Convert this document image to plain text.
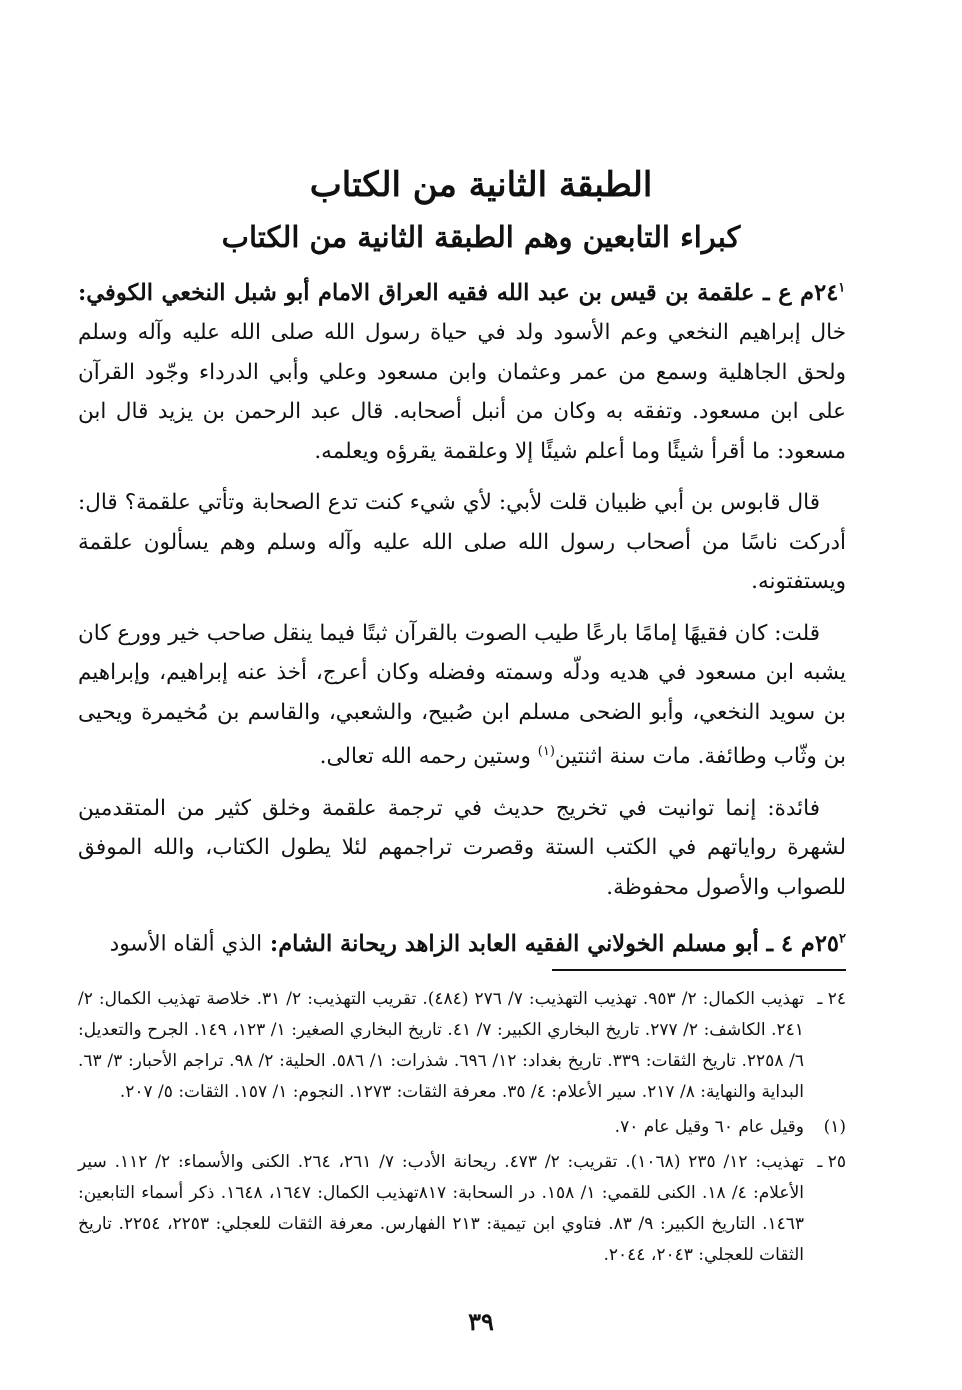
الطبقة الثانية من الكتاب
كبراء التابعين وهم الطبقة الثانية من الكتاب

$٢٤^١م$ ع ـ علقمة بن قيس بن عبد الله فقيه العراق الامام أبو شبل النخعي الكوفي: خال إبراهيم النخعي وعم الأسود ولد في حياة رسول الله صلى الله عليه وآله وسلم ولحق الجاهلية وسمع من عمر وعثمان وابن مسعود وعلي وأبي الدرداء وجّود القرآن على ابن مسعود. وتفقه به وكان من أنبل أصحابه. قال عبد الرحمن بن يزيد قال ابن مسعود: ما أقرأ شيئًا وما أعلم شيئًا إلا وعلقمة يقرؤه ويعلمه.

قال قابوس بن أبي ظبيان قلت لأبي: لأي شيء كنت تدع الصحابة وتأتي علقمة؟ قال: أدركت ناسًا من أصحاب رسول الله صلى الله عليه وآله وسلم وهم يسألون علقمة ويستفتونه.

قلت: كان فقيهًا إمامًا بارعًا طيب الصوت بالقرآن ثبتًا فيما ينقل صاحب خير وورع كان يشبه ابن مسعود في هديه ودلّه وسمته وفضله وكان أعرج، أخذ عنه إبراهيم، وإبراهيم بن سويد النخعي، وأبو الضحى مسلم ابن صُبيح، والشعبي، والقاسم بن مُخيمرة ويحيى بن وثّاب وطائفة. مات سنة اثنتين$^{(١)}$ وستين رحمه الله تعالى.

فائدة: إنما توانيت في تخريج حديث في ترجمة علقمة وخلق كثير من المتقدمين لشهرة رواياتهم في الكتب الستة وقصرت تراجمهم لئلا يطول الكتاب، والله الموفق للصواب والأصول محفوظة.

$٢٥^٢م$ ٤ ـ أبو مسلم الخولاني الفقيه العابد الزاهد ريحانة الشام: الذي ألقاه الأسود

٢٤ ـ
تهذيب الكمال: ٢/ ٩٥٣. تهذيب التهذيب: ٧/ ٢٧٦ (٤٨٤). تقريب التهذيب: ٢/ ٣١. خلاصة تهذيب الكمال: ٢/ ٢٤١. الكاشف: ٢/ ٢٧٧. تاريخ البخاري الكبير: ٧/ ٤١. تاريخ البخاري الصغير: ١/ ١٢٣، ١٤٩. الجرح والتعديل: ٦/ ٢٢٥٨. تاريخ الثقات: ٣٣٩. تاريخ بغداد: ١٢/ ٦٩٦. شذرات: ١/ ٥٨٦. الحلية: ٢/ ٩٨. تراجم الأحبار: ٣/ ٦٣. البداية والنهاية: ٨/ ٢١٧. سير الأعلام: ٤/ ٣٥. معرفة الثقات: ١٢٧٣. النجوم: ١/ ١٥٧. الثقات: ٥/ ٢٠٧.

(١)
وقيل عام ٦٠ وقيل عام ٧٠.

٢٥ ـ
تهذيب: ١٢/ ٢٣٥ (١٠٦٨). تقريب: ٢/ ٤٧٣. ريحانة الأدب: ٧/ ٢٦١، ٢٦٤. الكنى والأسماء: ٢/ ١١٢. سير الأعلام: ٤/ ١٨. الكنى للقمي: ١/ ١٥٨. در السحابة: ٨١٧تهذيب الكمال: ١٦٤٧، ١٦٤٨. ذكر أسماء التابعين: ١٤٦٣. التاريخ الكبير: ٩/ ٨٣. فتاوي ابن تيمية: ٢١٣ الفهارس. معرفة الثقات للعجلي: ٢٢٥٣، ٢٢٥٤. تاريخ الثقات للعجلي: ٢٠٤٣، ٢٠٤٤.

٣٩
